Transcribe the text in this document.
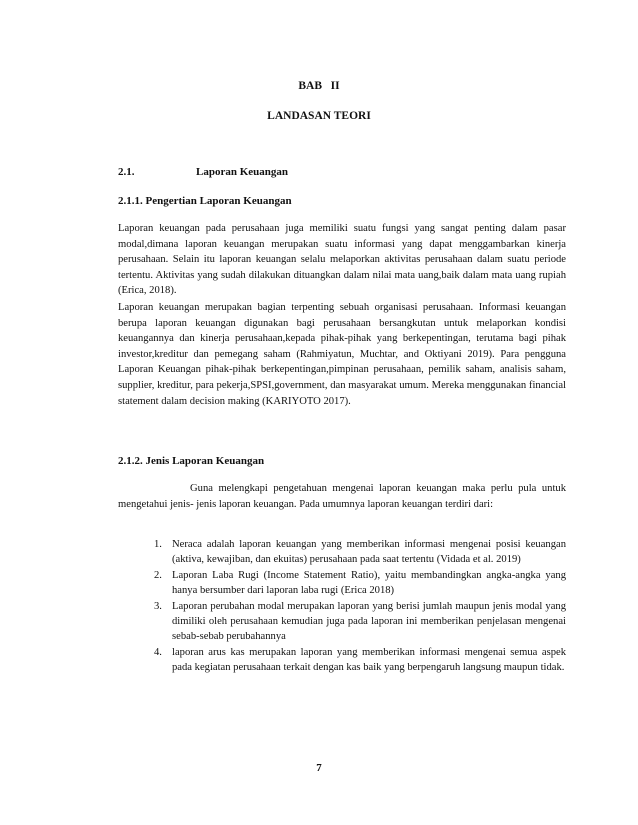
BAB   II
LANDASAN TEORI
2.1.	Laporan Keuangan
2.1.1. Pengertian Laporan Keuangan

Laporan keuangan pada perusahaan juga memiliki suatu fungsi yang sangat penting dalam pasar modal,dimana laporan keuangan merupakan suatu informasi yang dapat menggambarkan kinerja perusahaan. Selain itu laporan keuangan selalu melaporkan aktivitas perusahaan dalam suatu periode tertentu. Aktivitas yang sudah dilakukan dituangkan dalam nilai mata uang,baik dalam mata uang rupiah (Erica, 2018).

Laporan keuangan merupakan bagian terpenting sebuah organisasi perusahaan. Informasi keuangan berupa laporan keuangan digunakan bagi perusahaan bersangkutan untuk melaporkan kondisi keuangannya dan kinerja perusahaan,kepada pihak-pihak yang berkepentingan, terutama bagi pihak investor,kreditur dan pemegang saham (Rahmiyatun, Muchtar, and Oktiyani 2019). Para pengguna Laporan Keuangan pihak-pihak berkepentingan,pimpinan perusahaan, pemilik saham, analisis saham, supplier, kreditur, para pekerja,SPSI,government, dan masyarakat umum. Mereka menggunakan financial statement dalam decision making (KARIYOTO 2017).

2.1.2. Jenis Laporan Keuangan

Guna melengkapi pengetahuan mengenai laporan keuangan maka perlu pula untuk mengetahui jenis- jenis laporan keuangan. Pada umumnya laporan keuangan terdiri dari:

1. Neraca adalah laporan keuangan yang memberikan informasi mengenai posisi keuangan (aktiva, kewajiban, dan ekuitas) perusahaan pada saat tertentu (Vidada et al. 2019)
2. Laporan Laba Rugi (Income Statement Ratio), yaitu membandingkan angka-angka yang hanya bersumber dari laporan laba rugi (Erica 2018)
3. Laporan perubahan modal merupakan laporan yang berisi jumlah maupun jenis modal yang dimiliki oleh perusahaan kemudian juga pada laporan ini memberikan penjelasan mengenai sebab-sebab perubahannya
4. laporan arus kas merupakan laporan yang memberikan informasi mengenai semua aspek pada kegiatan perusahaan terkait dengan kas baik yang berpengaruh langsung maupun tidak.
7
